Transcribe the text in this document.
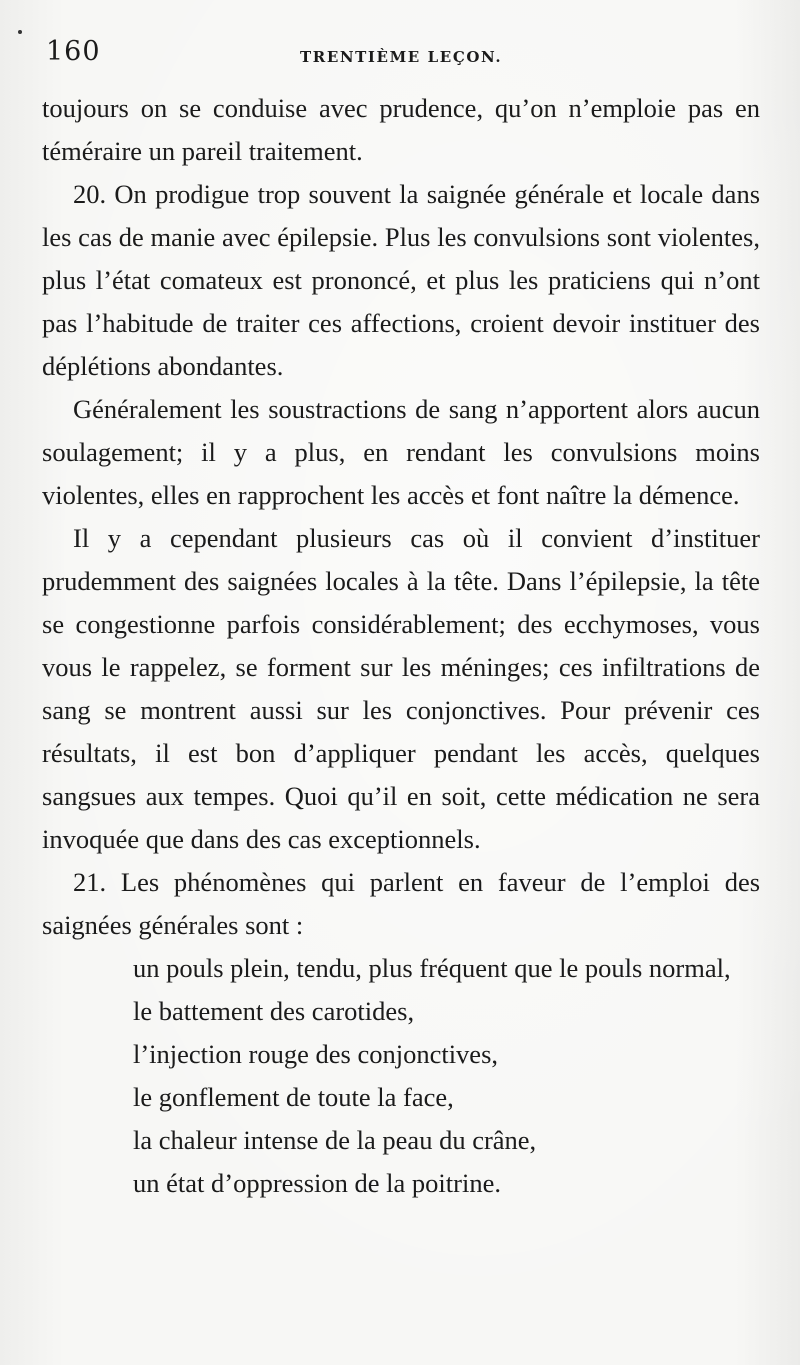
160	TRENTIÈME LEÇON.

toujours on se conduise avec prudence, qu’on n’emploie pas en téméraire un pareil traitement.

20. On prodigue trop souvent la saignée générale et locale dans les cas de manie avec épilepsie. Plus les convulsions sont violentes, plus l’état comateux est prononcé, et plus les praticiens qui n’ont pas l’habitude de traiter ces affections, croient devoir instituer des déplétions abondantes.

Généralement les soustractions de sang n’apportent alors aucun soulagement; il y a plus, en rendant les convulsions moins violentes, elles en rapprochent les accès et font naître la démence.

Il y a cependant plusieurs cas où il convient d’instituer prudemment des saignées locales à la tête. Dans l’épilepsie, la tête se congestionne parfois considérablement; des ecchymoses, vous vous le rappelez, se forment sur les méninges; ces infiltrations de sang se montrent aussi sur les conjonctives. Pour prévenir ces résultats, il est bon d’appliquer pendant les accès, quelques sangsues aux tempes. Quoi qu’il en soit, cette médication ne sera invoquée que dans des cas exceptionnels.

21. Les phénomènes qui parlent en faveur de l’emploi des saignées générales sont :

un pouls plein, tendu, plus fréquent que le pouls normal,
le battement des carotides,
l’injection rouge des conjonctives,
le gonflement de toute la face,
la chaleur intense de la peau du crâne,
un état d’oppression de la poitrine.
